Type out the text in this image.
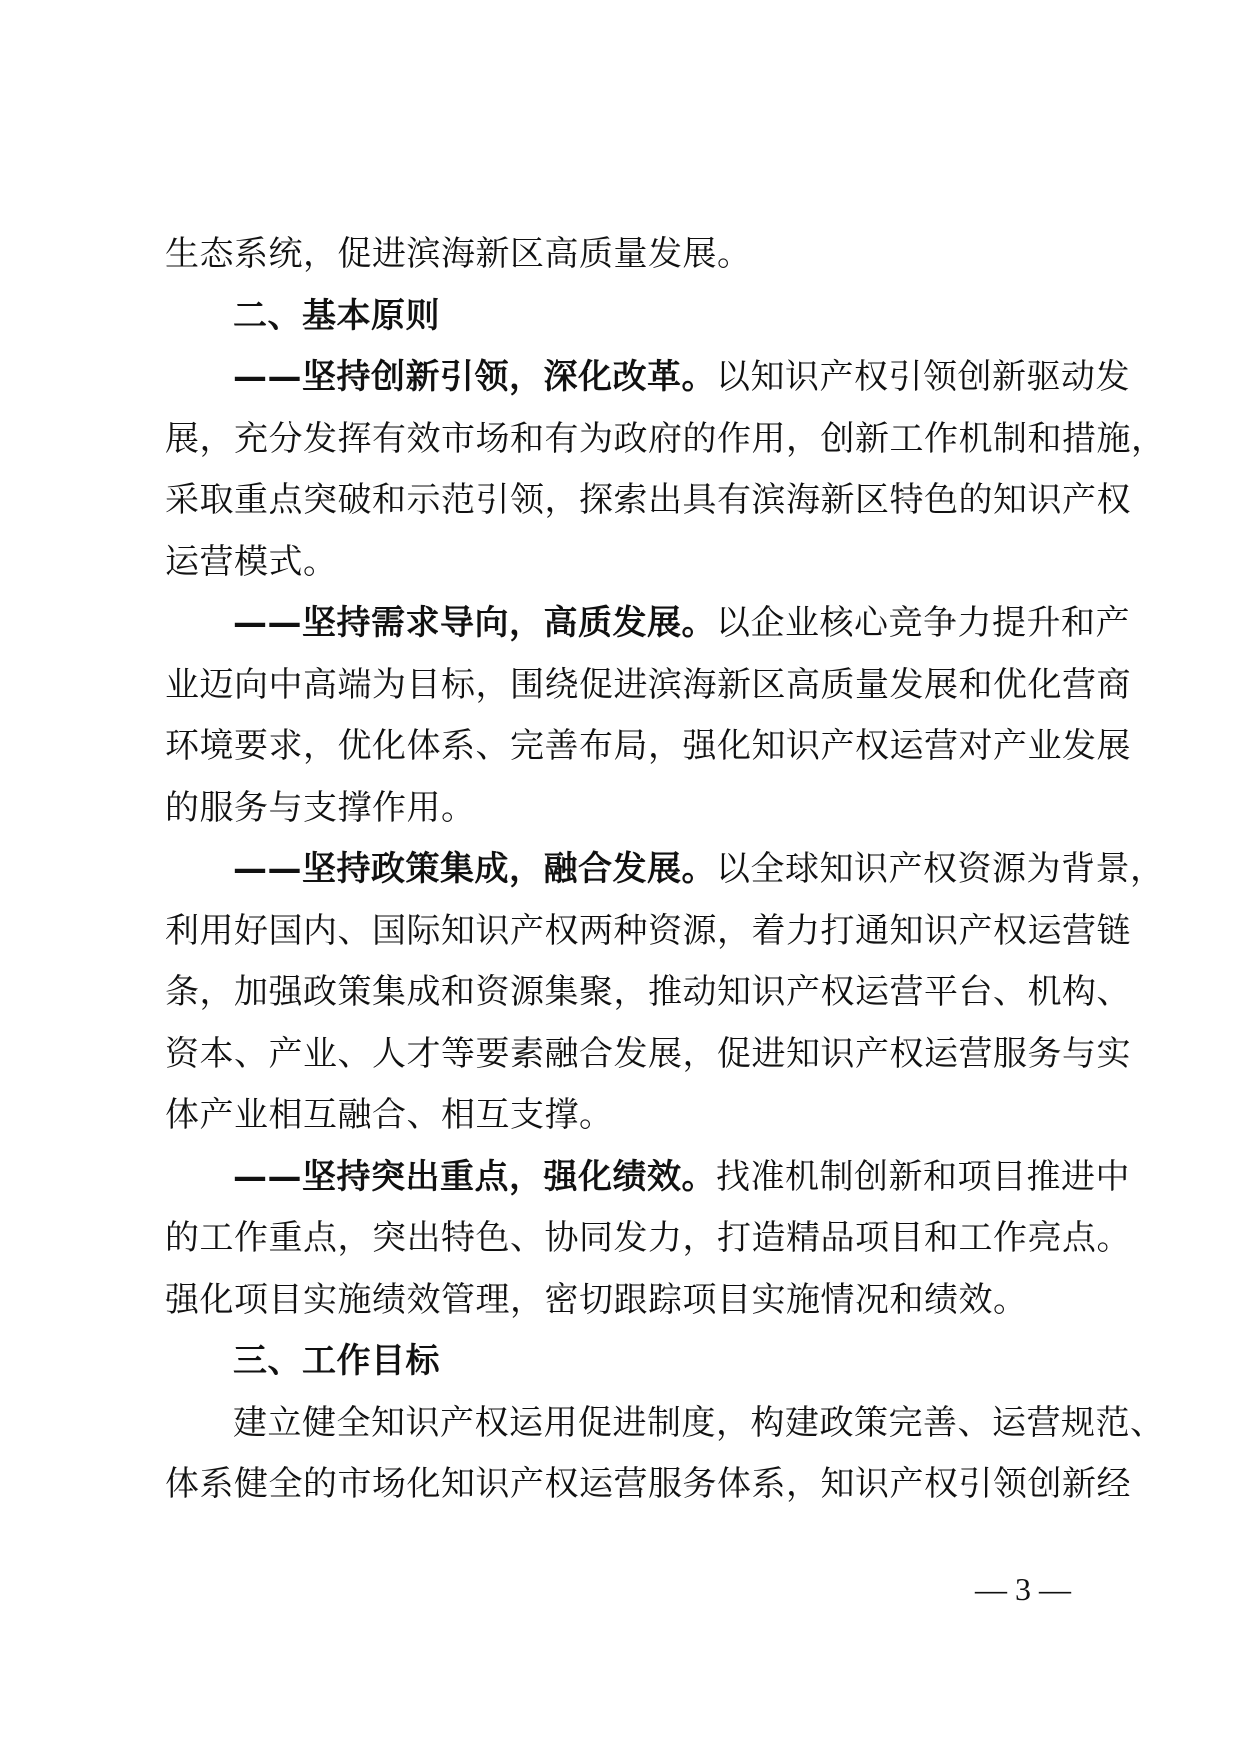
生态系统，促进滨海新区高质量发展。
二、基本原则
——坚持创新引领，深化改革。以知识产权引领创新驱动发
展，充分发挥有效市场和有为政府的作用，创新工作机制和措施，
采取重点突破和示范引领，探索出具有滨海新区特色的知识产权
运营模式。
——坚持需求导向，高质发展。以企业核心竞争力提升和产
业迈向中高端为目标，围绕促进滨海新区高质量发展和优化营商
环境要求，优化体系、完善布局，强化知识产权运营对产业发展
的服务与支撑作用。
——坚持政策集成，融合发展。以全球知识产权资源为背景，
利用好国内、国际知识产权两种资源，着力打通知识产权运营链
条，加强政策集成和资源集聚，推动知识产权运营平台、机构、
资本、产业、人才等要素融合发展，促进知识产权运营服务与实
体产业相互融合、相互支撑。
——坚持突出重点，强化绩效。找准机制创新和项目推进中
的工作重点，突出特色、协同发力，打造精品项目和工作亮点。
强化项目实施绩效管理，密切跟踪项目实施情况和绩效。
三、工作目标
建立健全知识产权运用促进制度，构建政策完善、运营规范、
体系健全的市场化知识产权运营服务体系，知识产权引领创新经
— 3 —
